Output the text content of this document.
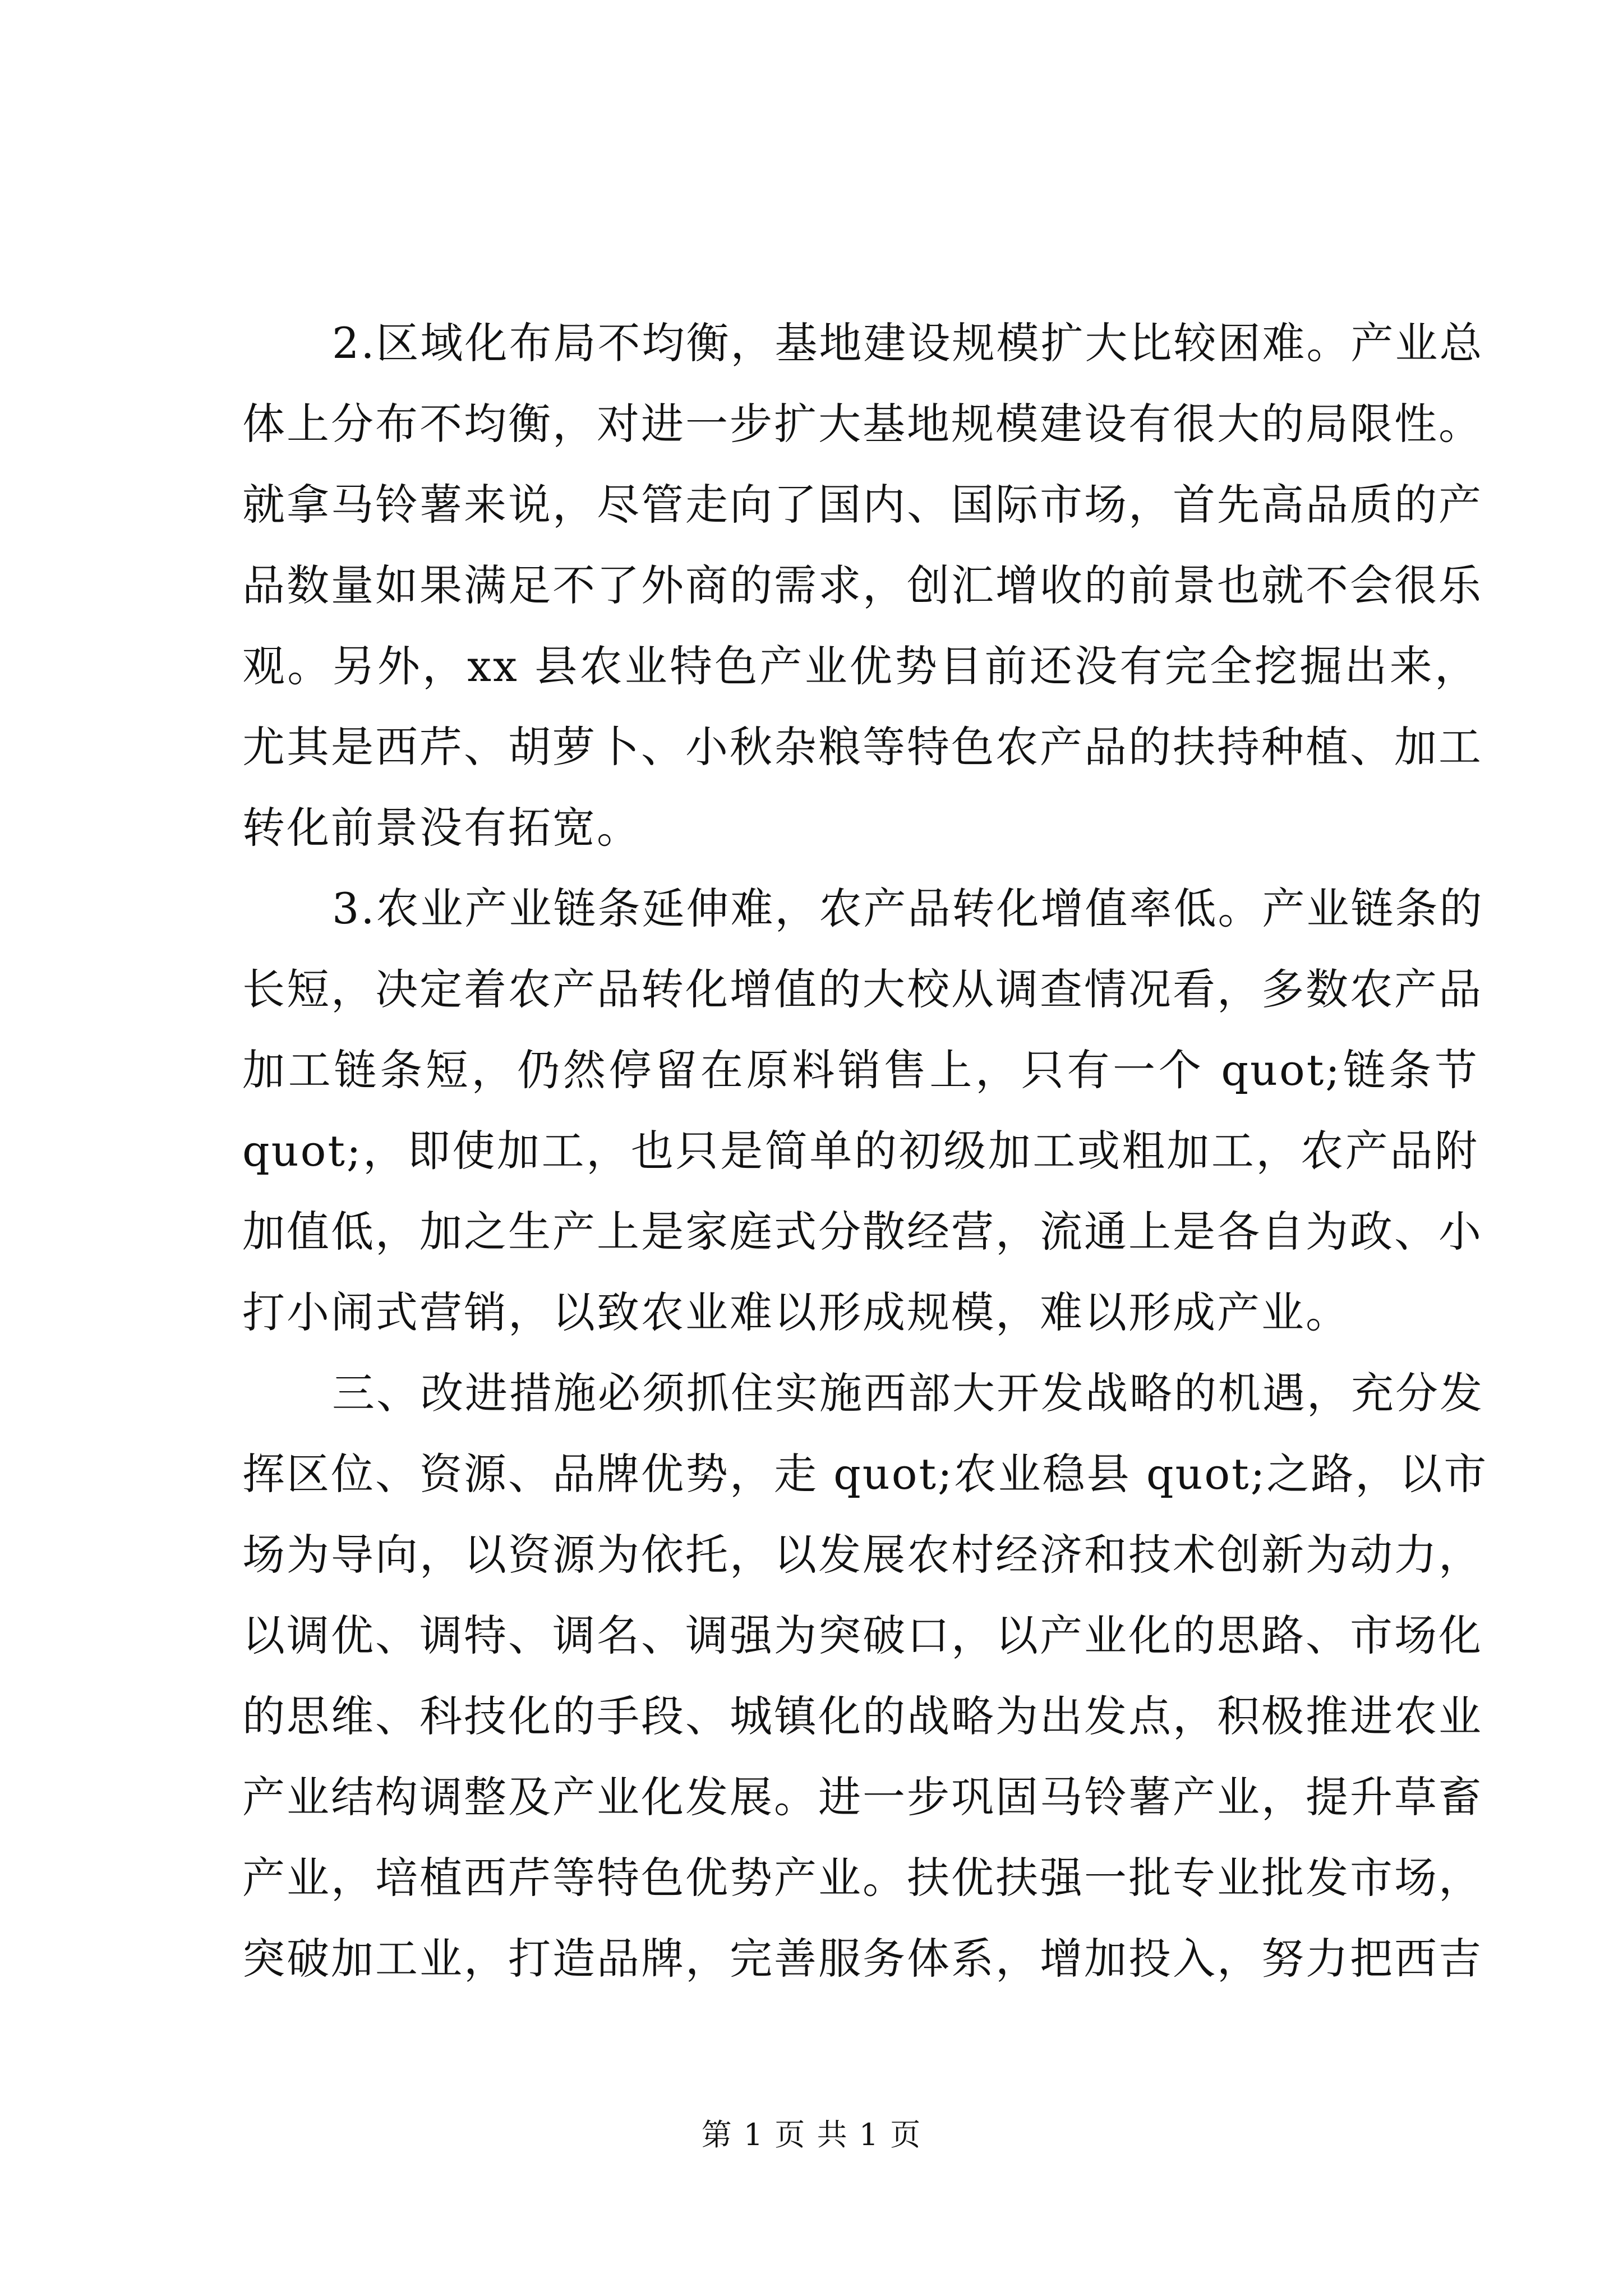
2.区域化布局不均衡，基地建设规模扩大比较困难。产业总
体上分布不均衡，对进一步扩大基地规模建设有很大的局限性。
就拿马铃薯来说，尽管走向了国内、国际市场，首先高品质的产
品数量如果满足不了外商的需求，创汇增收的前景也就不会很乐
观。另外，xx 县农业特色产业优势目前还没有完全挖掘出来，
尤其是西芹、胡萝卜、小秋杂粮等特色农产品的扶持种植、加工
转化前景没有拓宽。

3.农业产业链条延伸难，农产品转化增值率低。产业链条的
长短，决定着农产品转化增值的大校从调查情况看，多数农产品
加工链条短，仍然停留在原料销售上，只有一个 quot;链条节
quot;，即使加工，也只是简单的初级加工或粗加工，农产品附
加值低，加之生产上是家庭式分散经营，流通上是各自为政、小
打小闹式营销，以致农业难以形成规模，难以形成产业。

三、改进措施必须抓住实施西部大开发战略的机遇，充分发
挥区位、资源、品牌优势，走 quot;农业稳县 quot;之路，以市
场为导向，以资源为依托，以发展农村经济和技术创新为动力，
以调优、调特、调名、调强为突破口，以产业化的思路、市场化
的思维、科技化的手段、城镇化的战略为出发点，积极推进农业
产业结构调整及产业化发展。进一步巩固马铃薯产业，提升草畜
产业，培植西芹等特色优势产业。扶优扶强一批专业批发市场，
突破加工业，打造品牌，完善服务体系，增加投入，努力把西吉

第 1 页 共 1 页
